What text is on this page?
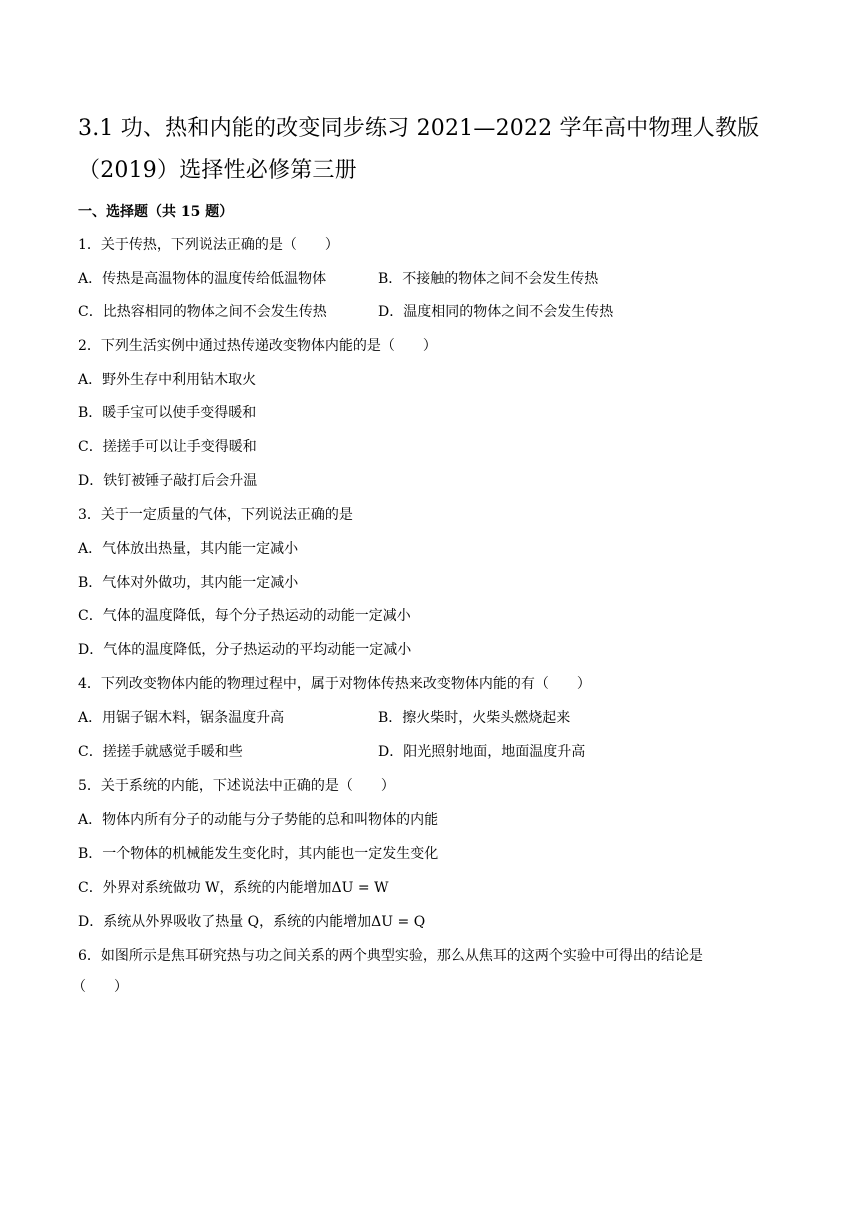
3.1 功、热和内能的改变同步练习 2021—2022 学年高中物理人教版
（2019）选择性必修第三册
一、选择题（共 15 题）
1．关于传热，下列说法正确的是（　　）
A．传热是高温物体的温度传给低温物体	B．不接触的物体之间不会发生传热
C．比热容相同的物体之间不会发生传热	D．温度相同的物体之间不会发生传热
2．下列生活实例中通过热传递改变物体内能的是（　　）
A．野外生存中利用钻木取火
B．暖手宝可以使手变得暖和
C．搓搓手可以让手变得暖和
D．铁钉被锤子敲打后会升温
3．关于一定质量的气体，下列说法正确的是
A．气体放出热量，其内能一定减小
B．气体对外做功，其内能一定减小
C．气体的温度降低，每个分子热运动的动能一定减小
D．气体的温度降低，分子热运动的平均动能一定减小
4．下列改变物体内能的物理过程中，属于对物体传热来改变物体内能的有（　　）
A．用锯子锯木料，锯条温度升高	B．擦火柴时，火柴头燃烧起来
C．搓搓手就感觉手暖和些	D．阳光照射地面，地面温度升高
5．关于系统的内能，下述说法中正确的是（　　）
A．物体内所有分子的动能与分子势能的总和叫物体的内能
B．一个物体的机械能发生变化时，其内能也一定发生变化
C．外界对系统做功 W，系统的内能增加ΔU = W
D．系统从外界吸收了热量 Q，系统的内能增加ΔU = Q
6．如图所示是焦耳研究热与功之间关系的两个典型实验，那么从焦耳的这两个实验中可得出的结论是
（　　）
